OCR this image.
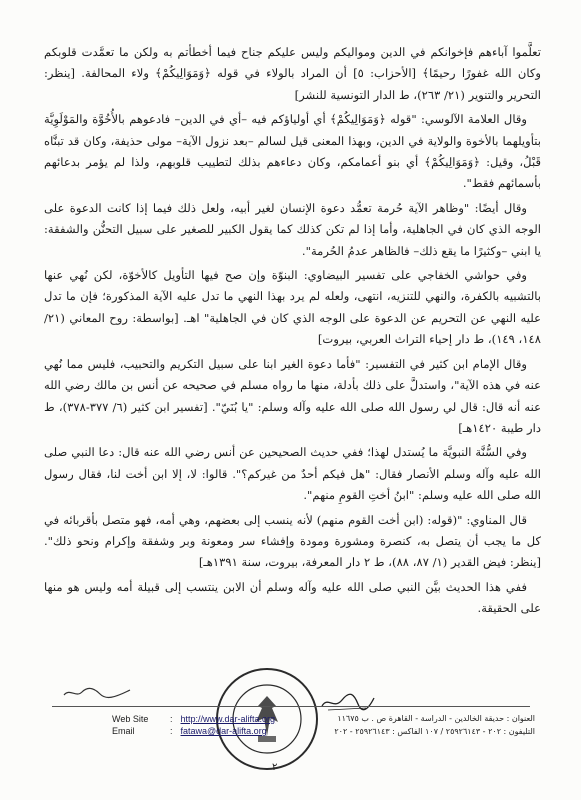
تعلَّموا آباءهم فإخوانكم في الدين ومواليكم وليس عليكم جناح فيما أخطأتم به ولكن ما تعمَّدت قلوبكم وكان الله غفورًا رحيمًا﴾ [الأحزاب: ٥] أن المراد بالولاء في قوله ﴿وَمَوَالِيكُمْ﴾ ولاء المحالفة. [ينظر: التحرير والتنوير (٢١/ ٢٦٣)، ط الدار التونسية للنشر]

وقال العلامة الآلوسي: "قوله ﴿وَمَوَالِيكُمْ﴾ أي أولياؤكم فيه –أي في الدين– فادعوهم بالأُخُوَّة والمَوْلَوِيَّة بتأويلهما بالأخوة والولاية في الدين، وبهذا المعنى قيل لسالم –بعد نزول الآية– مولى حذيفة، وكان قد تبنَّاه قَبْلُ، وقيل: ﴿وَمَوَالِيكُمْ﴾ أي بنو أعمامكم، وكان دعاءهم بذلك لتطييب قلوبهم، ولذا لم يؤمر بدعائهم بأسمائهم فقط".

وقال أيضًا: "وظاهر الآية حُرمة تعمُّد دعوة الإنسان لغير أبيه، ولعل ذلك فيما إذا كانت الدعوة على الوجه الذي كان في الجاهلية، وأما إذا لم تكن كذلك كما يقول الكبير للصغير على سبيل التحنُّن والشفقة: يا ابني –وكثيرًا ما يقع ذلك– فالظاهر عدمُ الحُرمة".

وفي حواشي الخفاجي على تفسير البيضاوي: البنوّة وإن صح فيها التأويل كالأخوّة، لكن نُهي عنها بالتشبيه بالكفرة، والنهي للتنزيه، انتهى، ولعله لم يرد بهذا النهي ما تدل عليه الآية المذكورة؛ فإن ما تدل عليه النهي عن التحريم عن الدعوة على الوجه الذي كان في الجاهلية" اهـ. [بواسطة: روح المعاني (٢١/ ١٤٨، ١٤٩)، ط دار إحياء التراث العربي، بيروت]

وقال الإمام ابن كثير في التفسير: "فأما دعوة الغير ابنا على سبيل التكريم والتحبيب، فليس مما نُهي عنه في هذه الآية"، واستدلَّ على ذلك بأدلة، منها ما رواه مسلم في صحيحه عن أنس بن مالك رضي الله عنه أنه قال: قال لي رسول الله صلى الله عليه وآله وسلم: "يا بُنَيّ". [تفسير ابن كثير (٦/ ٣٧٧-٣٧٨)، ط دار طيبة ١٤٢٠هـ]

وفي السُّنَّة النبويَّة ما يُستدل لهذا؛ ففي حديث الصحيحين عن أنس رضي الله عنه قال: دعا النبي صلى الله عليه وآله وسلم الأنصار فقال: "هل فيكم أحدٌ من غيركم؟". قالوا: لا، إلا ابن أخت لنا، فقال رسول الله صلى الله عليه وسلم: "ابنُ أختِ القومِ منهم".

قال المناوي: "(قوله: (ابن أخت القوم منهم) لأنه ينسب إلى بعضهم، وهي أمه، فهو متصل بأقربائه في كل ما يجب أن يتصل به، كنصرة ومشورة ومودة وإفشاء سر ومعونة وبر وشفقة وإكرام ونحو ذلك". [ينظر: فيض القدير (١/ ٨٧، ٨٨)، ط ٢ دار المعرفة، بيروت، سنة ١٣٩١هـ]

ففي هذا الحديث بيَّن النبي صلى الله عليه وآله وسلم أن الابن ينتسب إلى قبيلة أمه وليس هو منها على الحقيقة.

Web Site	: http://www.dar-alifta.org
Email	: fatawa@dar-alifta.org
العنوان : حديقة الخالدين - الدراسة - القاهرة ص . ب ١١٦٧٥
التليفون : ٢٠٢ - ٢٥٩٢٦١٤٣ / ١٠٧ الفاكس : ٢٥٩٢٦١٤٣ - ٢٠٢
٢
